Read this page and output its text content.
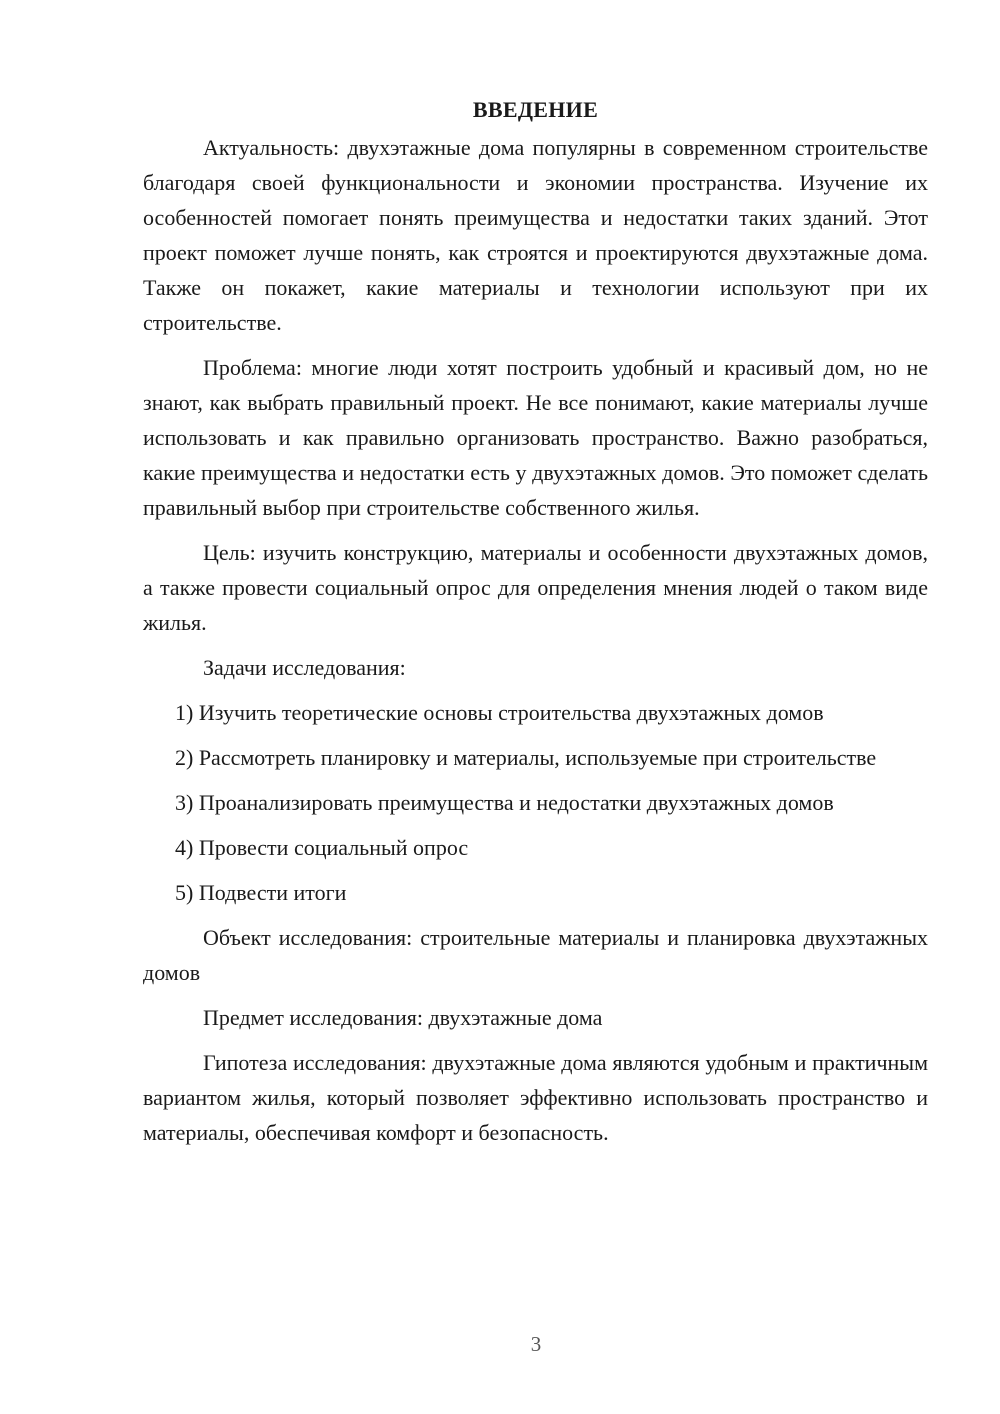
ВВЕДЕНИЕ

Актуальность: двухэтажные дома популярны в современном строительстве благодаря своей функциональности и экономии пространства. Изучение их особенностей помогает понять преимущества и недостатки таких зданий. Этот проект поможет лучше понять, как строятся и проектируются двухэтажные дома. Также он покажет, какие материалы и технологии используют при их строительстве.

Проблема: многие люди хотят построить удобный и красивый дом, но не знают, как выбрать правильный проект. Не все понимают, какие материалы лучше использовать и как правильно организовать пространство. Важно разобраться, какие преимущества и недостатки есть у двухэтажных домов. Это поможет сделать правильный выбор при строительстве собственного жилья.

Цель: изучить конструкцию, материалы и особенности двухэтажных домов, а также провести социальный опрос для определения мнения людей о таком виде жилья.

Задачи исследования:

1) Изучить теоретические основы строительства двухэтажных домов

2) Рассмотреть планировку и материалы, используемые при строительстве

3) Проанализировать преимущества и недостатки двухэтажных домов

4) Провести социальный опрос

5) Подвести итоги

Объект исследования: строительные материалы и планировка двухэтажных домов

Предмет исследования: двухэтажные дома

Гипотеза исследования: двухэтажные дома являются удобным и практичным вариантом жилья, который позволяет эффективно использовать пространство и материалы, обеспечивая комфорт и безопасность.

3
